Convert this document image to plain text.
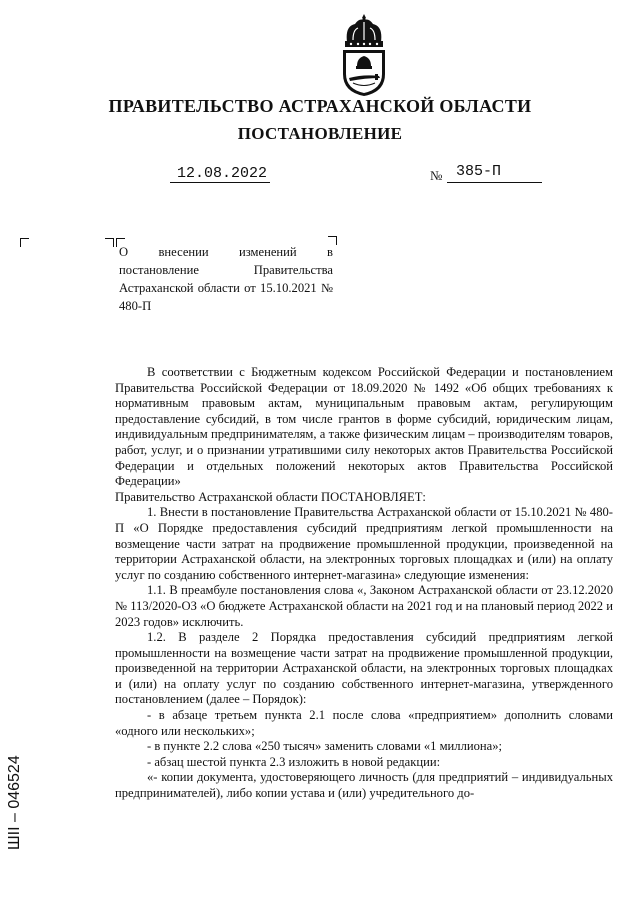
ПРАВИТЕЛЬСТВО АСТРАХАНСКОЙ ОБЛАСТИ
ПОСТАНОВЛЕНИЕ
12.08.2022	№ 385-П
О внесении изменений в постановление Правительства Астраханской области от 15.10.2021 № 480-П

В соответствии с Бюджетным кодексом Российской Федерации и постановлением Правительства Российской Федерации от 18.09.2020 № 1492 «Об общих требованиях к нормативным правовым актам, муниципальным правовым актам, регулирующим предоставление субсидий, в том числе грантов в форме субсидий, юридическим лицам, индивидуальным предпринимателям, а также физическим лицам – производителям товаров, работ, услуг, и о признании утратившими силу некоторых актов Правительства Российской Федерации и отдельных положений некоторых актов Правительства Российской Федерации»

Правительство Астраханской области ПОСТАНОВЛЯЕТ:

1. Внести в постановление Правительства Астраханской области от 15.10.2021 № 480-П «О Порядке предоставления субсидий предприятиям легкой промышленности на возмещение части затрат на продвижение промышленной продукции, произведенной на территории Астраханской области, на электронных торговых площадках и (или) на оплату услуг по созданию собственного интернет-магазина» следующие изменения:

1.1. В преамбуле постановления слова «, Законом Астраханской области от 23.12.2020 № 113/2020-ОЗ «О бюджете Астраханской области на 2021 год и на плановый период 2022 и 2023 годов» исключить.

1.2. В разделе 2 Порядка предоставления субсидий предприятиям легкой промышленности на возмещение части затрат на продвижение промышленной продукции, произведенной на территории Астраханской области, на электронных торговых площадках и (или) на оплату услуг по созданию собственного интернет-магазина, утвержденного постановлением (далее – Порядок):

- в абзаце третьем пункта 2.1 после слова «предприятием» дополнить словами «одного или нескольких»;

- в пункте 2.2 слова «250 тысяч» заменить словами «1 миллиона»;

- абзац шестой пункта 2.3 изложить в новой редакции:

«- копии документа, удостоверяющего личность (для предприятий – индивидуальных предпринимателей), либо копии устава и (или) учредительного до-

ШII – 046524
